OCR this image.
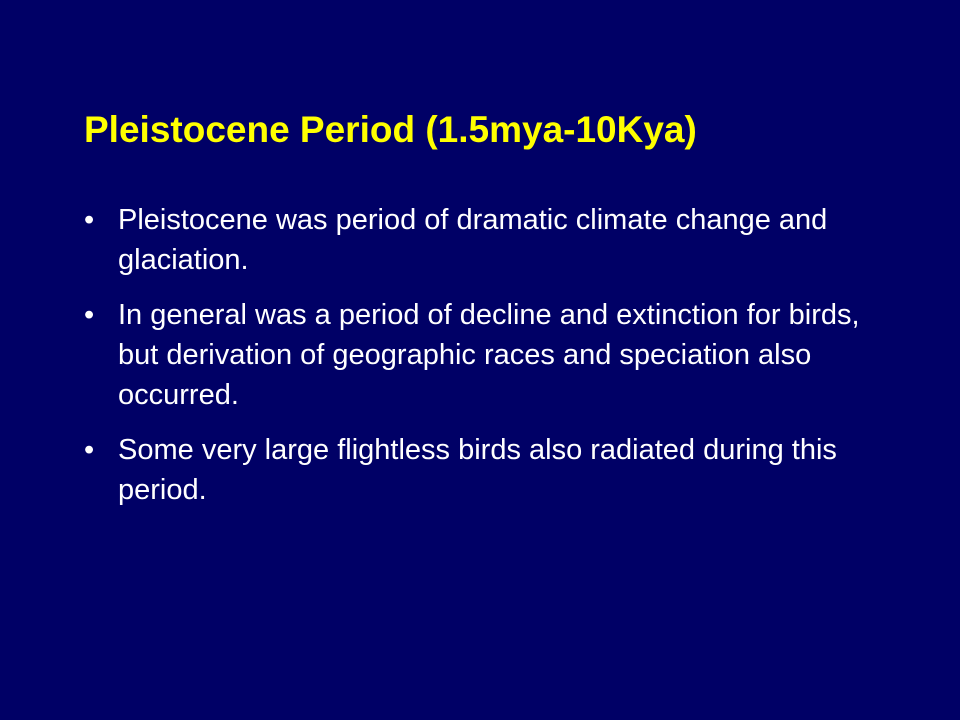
Pleistocene Period (1.5mya-10Kya)
• Pleistocene was period of dramatic climate change and glaciation.
• In general was a period of decline and extinction for birds, but derivation of geographic races and speciation also occurred.
• Some very large flightless birds also radiated during this period.
